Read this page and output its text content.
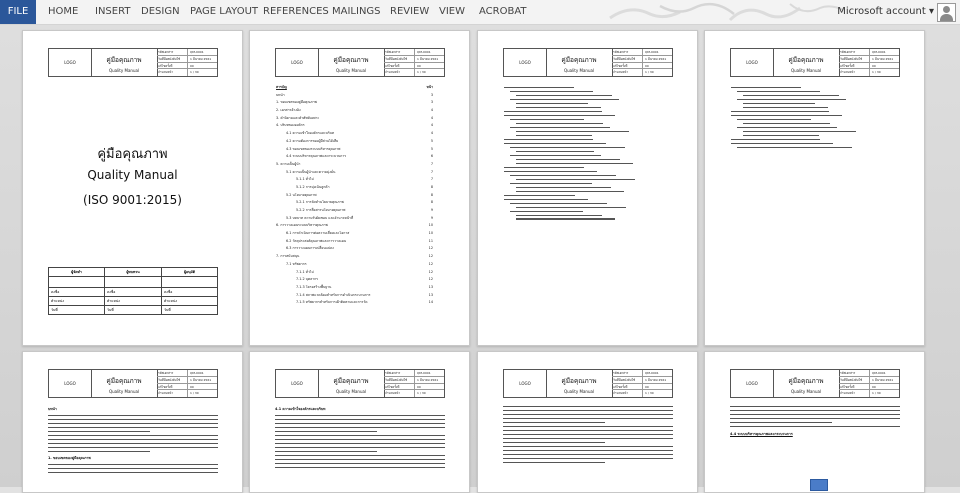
FILE	HOME INSERT DESIGN PAGE LAYOUT REFERENCES MAILINGS REVIEW VIEW ACROBAT	Microsoft account ▾
LOGO	คู่มือคุณภาพ
Quality Manual
รหัสเอกสาร	QM-0001
วันที่มีผลบังคับใช้	1 มีนาคม 2561
แก้ไขครั้งที่	00
จำนวนหน้า	1 / 30
คู่มือคุณภาพ
Quality Manual
(ISO 9001:2015)
ผู้จัดทำ	ผู้ทบทวน	ผู้อนุมัติ

ลงชื่อ	ลงชื่อ	ลงชื่อ
ตำแหน่ง	ตำแหน่ง	ตำแหน่ง
วันที่	วันที่	วันที่
LOGO	คู่มือคุณภาพ
Quality Manual
รหัสเอกสาร	QM-0001
วันที่มีผลบังคับใช้	1 มีนาคม 2561
แก้ไขครั้งที่	00
จำนวนหน้า	1 / 30
สารบัญ	หน้า
บทนำ	3
1. ขอบเขตของคู่มือคุณภาพ	3
2. เอกสารอ้างอิง	4
3. คำนิยามและคำศัพท์เฉพาะ	4
4. บริบทขององค์กร	4
4.1 ความเข้าใจองค์กรและบริบท	4
4.2 ความต้องการของผู้มีส่วนได้เสีย	5
4.3 ขอบเขตของระบบบริหารคุณภาพ	5
4.4 ระบบบริหารคุณภาพและกระบวนการ	6
5. ความเป็นผู้นำ	7
5.1 ความเป็นผู้นำและความมุ่งมั่น	7
5.1.1 ทั่วไป	7
5.1.2 การมุ่งเน้นลูกค้า	8
5.2 นโยบายคุณภาพ	8
5.2.1 การจัดทำนโยบายคุณภาพ	8
5.2.2 การสื่อสารนโยบายคุณภาพ	9
5.3 บทบาท ความรับผิดชอบ และอำนาจหน้าที่	9
6. การวางแผนระบบบริหารคุณภาพ	10
6.1 การดำเนินการต่อความเสี่ยงและโอกาส	10
6.2 วัตถุประสงค์คุณภาพและการวางแผน	11
6.3 การวางแผนการเปลี่ยนแปลง	12
7. การสนับสนุน	12
7.1 ทรัพยากร	12
7.1.1 ทั่วไป	12
7.1.2 บุคลากร	12
7.1.3 โครงสร้างพื้นฐาน	13
7.1.4 สภาพแวดล้อมสำหรับการดำเนินกระบวนการ	13
7.1.5 ทรัพยากรสำหรับการเฝ้าติดตามและการวัด	14
LOGO	คู่มือคุณภาพ
Quality Manual
รหัสเอกสาร	QM-0001
วันที่มีผลบังคับใช้	1 มีนาคม 2561
แก้ไขครั้งที่	00
จำนวนหน้า	1 / 30
LOGO	คู่มือคุณภาพ
Quality Manual
รหัสเอกสาร	QM-0001
วันที่มีผลบังคับใช้	1 มีนาคม 2561
แก้ไขครั้งที่	00
จำนวนหน้า	1 / 30
LOGO	คู่มือคุณภาพ
Quality Manual
รหัสเอกสาร	QM-0001
วันที่มีผลบังคับใช้	1 มีนาคม 2561
แก้ไขครั้งที่	00
จำนวนหน้า	1 / 30
บทนำ
1. ขอบเขตของคู่มือคุณภาพ
LOGO	คู่มือคุณภาพ
Quality Manual
รหัสเอกสาร	QM-0001
วันที่มีผลบังคับใช้	1 มีนาคม 2561
แก้ไขครั้งที่	00
จำนวนหน้า	1 / 30
4.1 ความเข้าใจองค์กรและบริบท
LOGO	คู่มือคุณภาพ
Quality Manual
รหัสเอกสาร	QM-0001
วันที่มีผลบังคับใช้	1 มีนาคม 2561
แก้ไขครั้งที่	00
จำนวนหน้า	1 / 30
LOGO	คู่มือคุณภาพ
Quality Manual
รหัสเอกสาร	QM-0001
วันที่มีผลบังคับใช้	1 มีนาคม 2561
แก้ไขครั้งที่	00
จำนวนหน้า	1 / 30
4.4 ระบบบริหารคุณภาพและกระบวนการ
